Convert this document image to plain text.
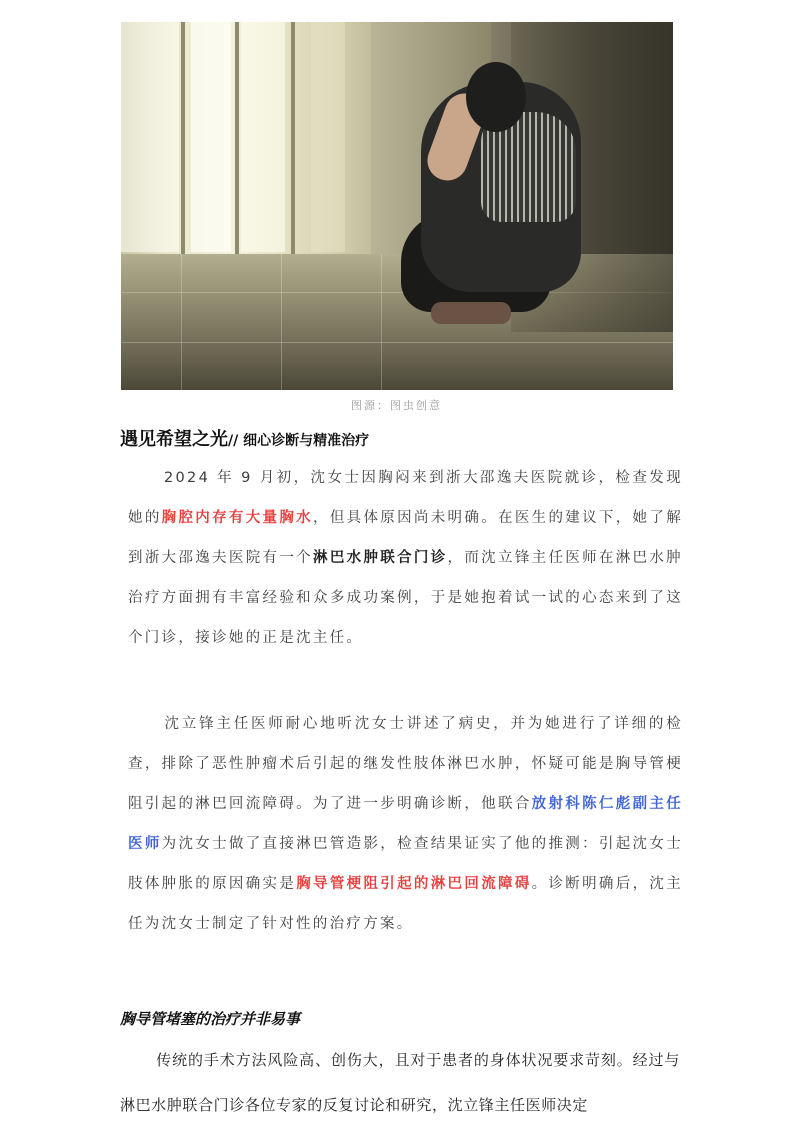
图源：图虫创意
遇见希望之光// 细心诊断与精准治疗
2024 年 9 月初，沈女士因胸闷来到浙大邵逸夫医院就诊，检查发现她的胸腔内存有大量胸水，但具体原因尚未明确。在医生的建议下，她了解到浙大邵逸夫医院有一个淋巴水肿联合门诊，而沈立锋主任医师在淋巴水肿治疗方面拥有丰富经验和众多成功案例，于是她抱着试一试的心态来到了这个门诊，接诊她的正是沈主任。
沈立锋主任医师耐心地听沈女士讲述了病史，并为她进行了详细的检查，排除了恶性肿瘤术后引起的继发性肢体淋巴水肿，怀疑可能是胸导管梗阻引起的淋巴回流障碍。为了进一步明确诊断，他联合放射科陈仁彪副主任医师为沈女士做了直接淋巴管造影，检查结果证实了他的推测：引起沈女士肢体肿胀的原因确实是胸导管梗阻引起的淋巴回流障碍。诊断明确后，沈主任为沈女士制定了针对性的治疗方案。
胸导管堵塞的治疗并非易事
传统的手术方法风险高、创伤大，且对于患者的身体状况要求苛刻。经过与淋巴水肿联合门诊各位专家的反复讨论和研究，沈立锋主任医师决定
